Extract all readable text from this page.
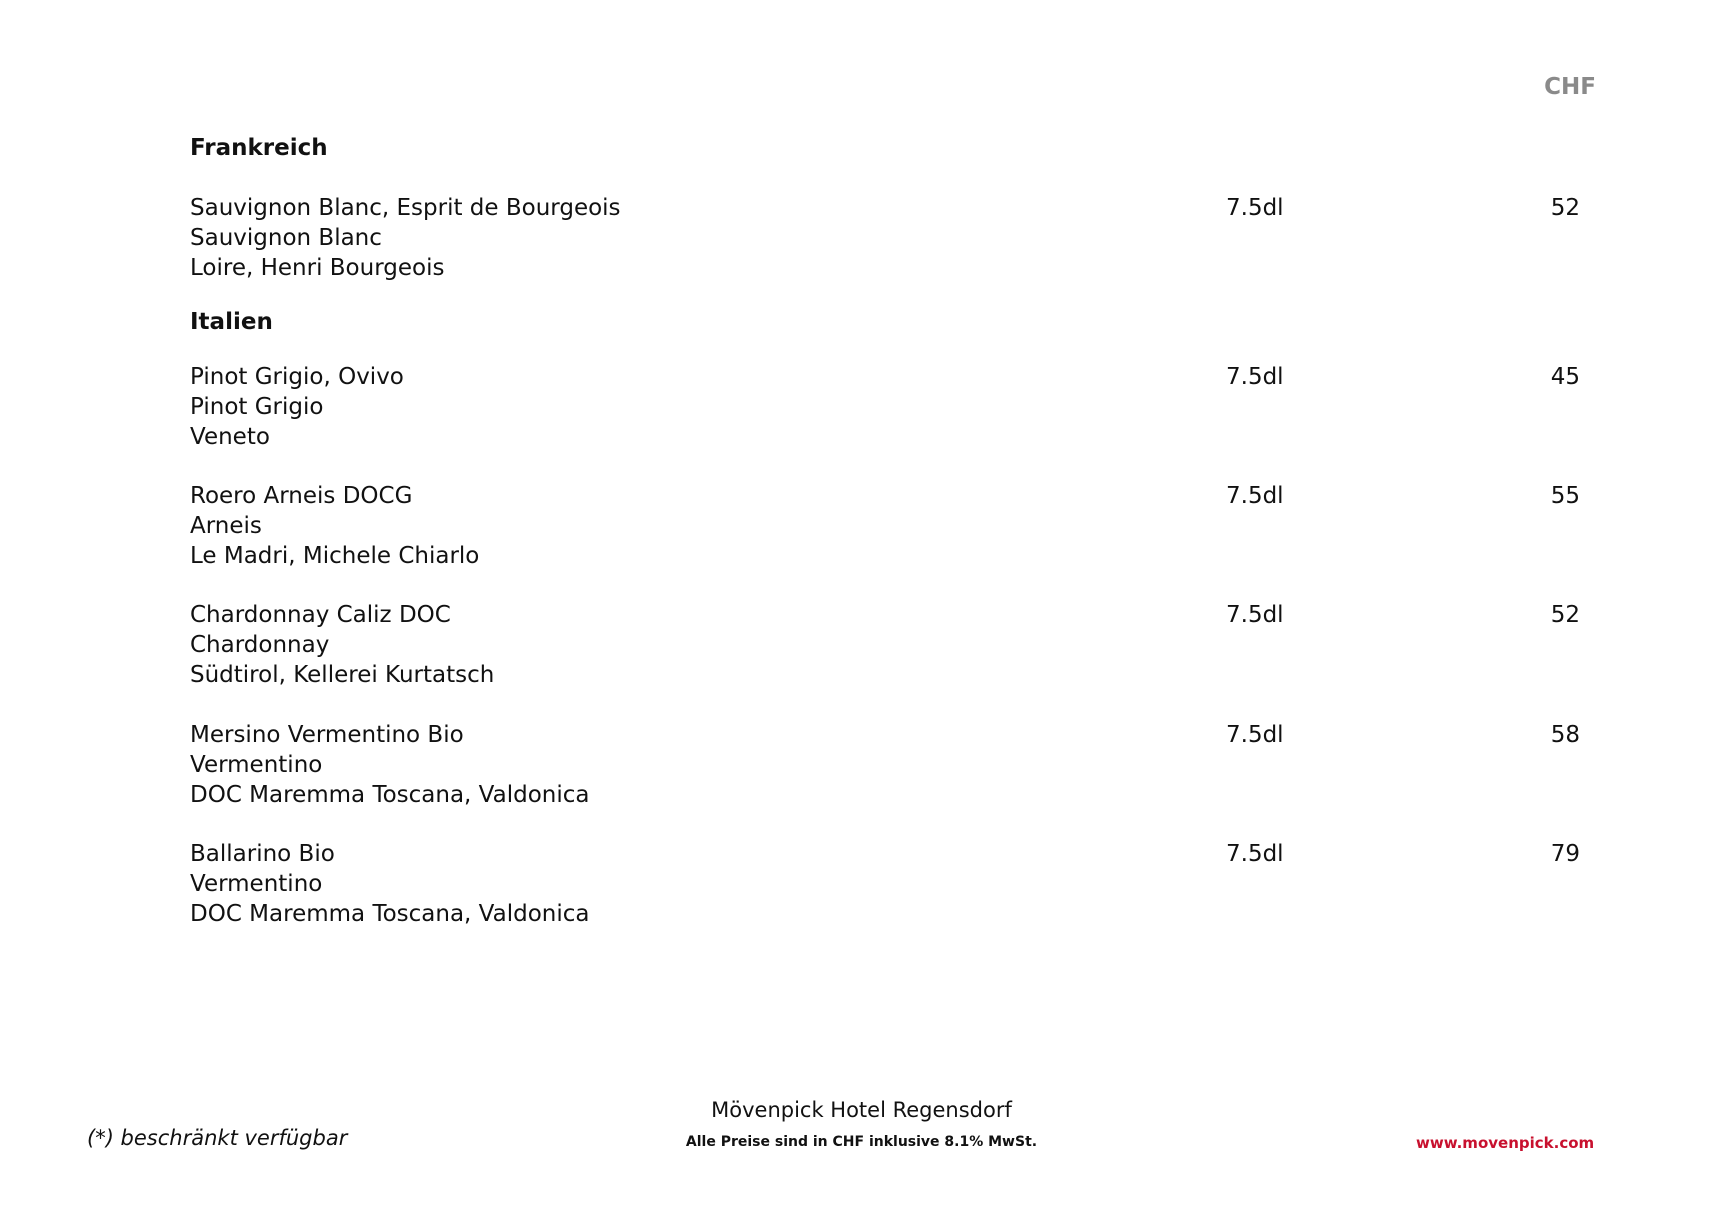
CHF
Frankreich
Sauvignon Blanc, Esprit de Bourgeois
Sauvignon Blanc
Loire, Henri Bourgeois
7.5dl	52
Italien
Pinot Grigio, Ovivo
Pinot Grigio
Veneto
7.5dl	45
Roero Arneis DOCG
Arneis
Le Madri, Michele Chiarlo
7.5dl	55
Chardonnay Caliz DOC
Chardonnay
Südtirol, Kellerei Kurtatsch
7.5dl	52
Mersino Vermentino Bio
Vermentino
DOC Maremma Toscana, Valdonica
7.5dl	58
Ballarino Bio
Vermentino
DOC Maremma Toscana, Valdonica
7.5dl	79
(*) beschränkt verfügbar
Mövenpick Hotel Regensdorf
Alle Preise sind in CHF inklusive 8.1% MwSt.	www.movenpick.com
